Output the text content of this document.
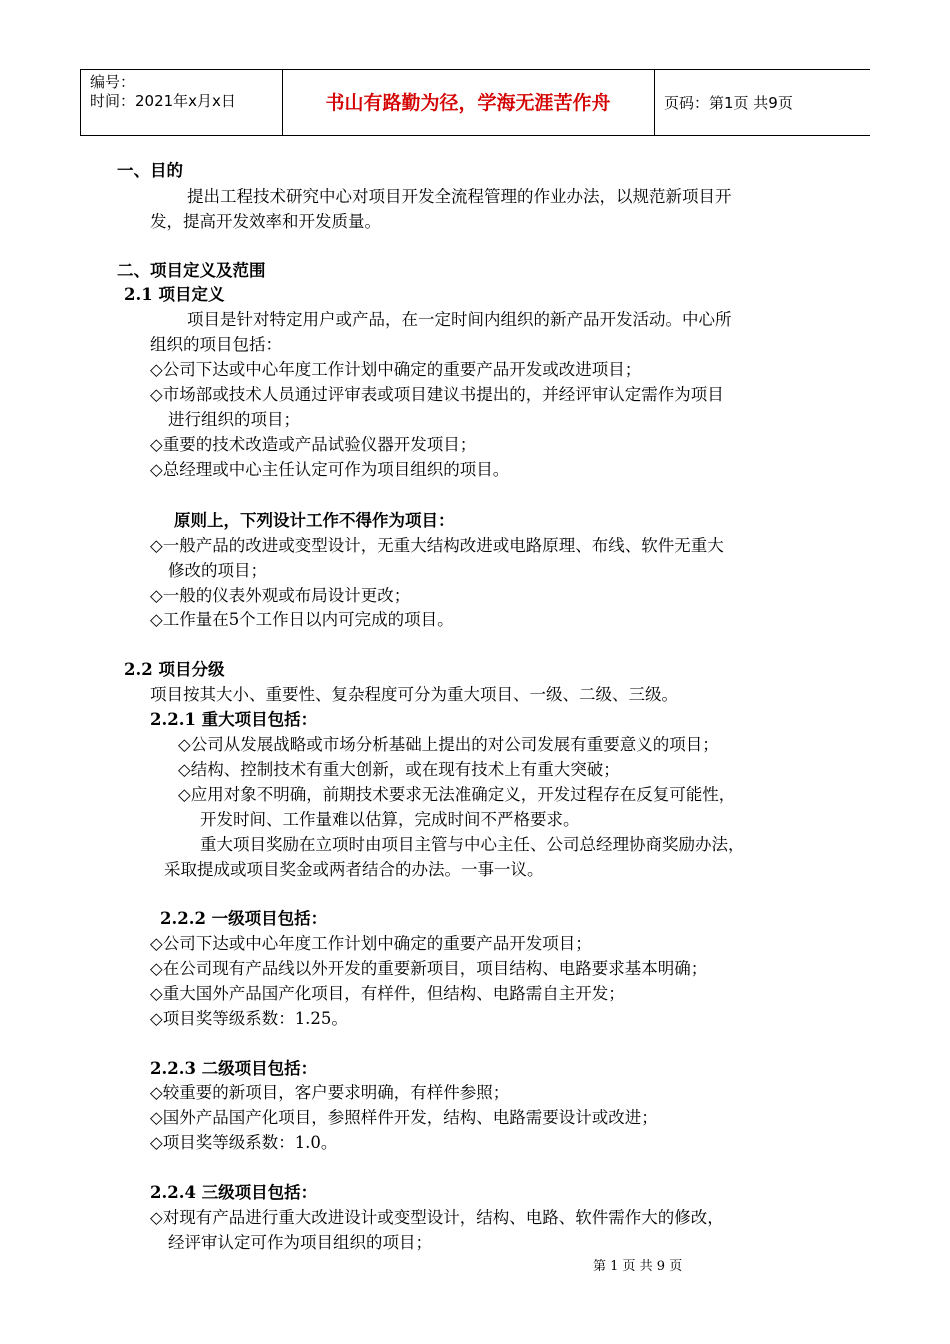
编号：
时间：2021年x月x日	书山有路勤为径，学海无涯苦作舟	页码：第1页 共9页
一、目的
提出工程技术研究中心对项目开发全流程管理的作业办法，以规范新项目开
发，提高开发效率和开发质量。
二、项目定义及范围
2.1 项目定义
项目是针对特定用户或产品，在一定时间内组织的新产品开发活动。中心所
组织的项目包括：
◇公司下达或中心年度工作计划中确定的重要产品开发或改进项目；
◇市场部或技术人员通过评审表或项目建议书提出的，并经评审认定需作为项目
进行组织的项目；
◇重要的技术改造或产品试验仪器开发项目；
◇总经理或中心主任认定可作为项目组织的项目。
原则上，下列设计工作不得作为项目：
◇一般产品的改进或变型设计，无重大结构改进或电路原理、布线、软件无重大
修改的项目；
◇一般的仪表外观或布局设计更改；
◇工作量在5个工作日以内可完成的项目。
2.2 项目分级
项目按其大小、重要性、复杂程度可分为重大项目、一级、二级、三级。
2.2.1 重大项目包括：
◇公司从发展战略或市场分析基础上提出的对公司发展有重要意义的项目；
◇结构、控制技术有重大创新，或在现有技术上有重大突破；
◇应用对象不明确，前期技术要求无法准确定义，开发过程存在反复可能性，
开发时间、工作量难以估算，完成时间不严格要求。
重大项目奖励在立项时由项目主管与中心主任、公司总经理协商奖励办法，
采取提成或项目奖金或两者结合的办法。一事一议。
2.2.2 一级项目包括：
◇公司下达或中心年度工作计划中确定的重要产品开发项目；
◇在公司现有产品线以外开发的重要新项目，项目结构、电路要求基本明确；
◇重大国外产品国产化项目，有样件，但结构、电路需自主开发；
◇项目奖等级系数：1.25。
2.2.3 二级项目包括：
◇较重要的新项目，客户要求明确，有样件参照；
◇国外产品国产化项目，参照样件开发，结构、电路需要设计或改进；
◇项目奖等级系数：1.0。
2.2.4 三级项目包括：
◇对现有产品进行重大改进设计或变型设计，结构、电路、软件需作大的修改，
经评审认定可作为项目组织的项目；
第 1 页 共 9 页
